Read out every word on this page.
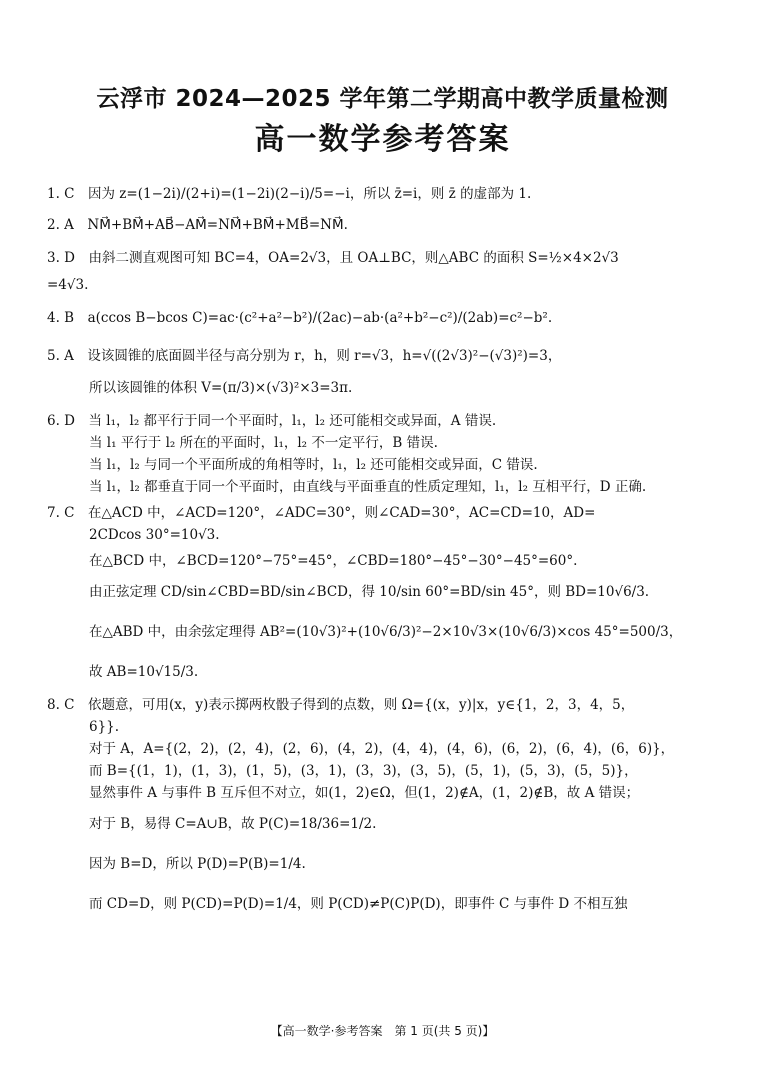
云浮市 2024—2025 学年第二学期高中教学质量检测
高一数学参考答案
1. C　因为 z=(1−2i)/(2+i)=(1−2i)(2−i)/5=−i，所以 z̄=i，则 z̄ 的虚部为 1.
2. A　NM⃗+BM⃗+AB⃗−AM⃗=NM⃗+BM⃗+MB⃗=NM⃗.
3. D　由斜二测直观图可知 BC=4，OA=2√3，且 OA⊥BC，则△ABC 的面积 S=½×4×2√3
=4√3.
4. B　a(ccos B−bcos C)=ac·(c²+a²−b²)/(2ac)−ab·(a²+b²−c²)/(2ab)=c²−b².
5. A　设该圆锥的底面圆半径与高分别为 r，h，则 r=√3，h=√((2√3)²−(√3)²)=3，
所以该圆锥的体积 V=(π/3)×(√3)²×3=3π.
6. D　当 l₁，l₂ 都平行于同一个平面时，l₁，l₂ 还可能相交或异面，A 错误.
当 l₁ 平行于 l₂ 所在的平面时，l₁，l₂ 不一定平行，B 错误.
当 l₁，l₂ 与同一个平面所成的角相等时，l₁，l₂ 还可能相交或异面，C 错误.
当 l₁，l₂ 都垂直于同一个平面时，由直线与平面垂直的性质定理知，l₁，l₂ 互相平行，D 正确.
7. C　在△ACD 中，∠ACD=120°，∠ADC=30°，则∠CAD=30°，AC=CD=10，AD=
2CDcos 30°=10√3.
在△BCD 中，∠BCD=120°−75°=45°，∠CBD=180°−45°−30°−45°=60°.
由正弦定理 CD/sin∠CBD=BD/sin∠BCD，得 10/sin 60°=BD/sin 45°，则 BD=10√6/3.
在△ABD 中，由余弦定理得 AB²=(10√3)²+(10√6/3)²−2×10√3×(10√6/3)×cos 45°=500/3，
故 AB=10√15/3.
8. C　依题意，可用(x，y)表示掷两枚骰子得到的点数，则 Ω={(x，y)|x，y∈{1，2，3，4，5，
6}}.
对于 A，A={(2，2)，(2，4)，(2，6)，(4，2)，(4，4)，(4，6)，(6，2)，(6，4)，(6，6)}，
而 B={(1，1)，(1，3)，(1，5)，(3，1)，(3，3)，(3，5)，(5，1)，(5，3)，(5，5)}，
显然事件 A 与事件 B 互斥但不对立，如(1，2)∈Ω，但(1，2)∉A，(1，2)∉B，故 A 错误；
对于 B，易得 C=A∪B，故 P(C)=18/36=1/2.
因为 B=D，所以 P(D)=P(B)=1/4.
而 CD=D，则 P(CD)=P(D)=1/4，则 P(CD)≠P(C)P(D)，即事件 C 与事件 D 不相互独
【高一数学·参考答案　第 1 页(共 5 页)】
